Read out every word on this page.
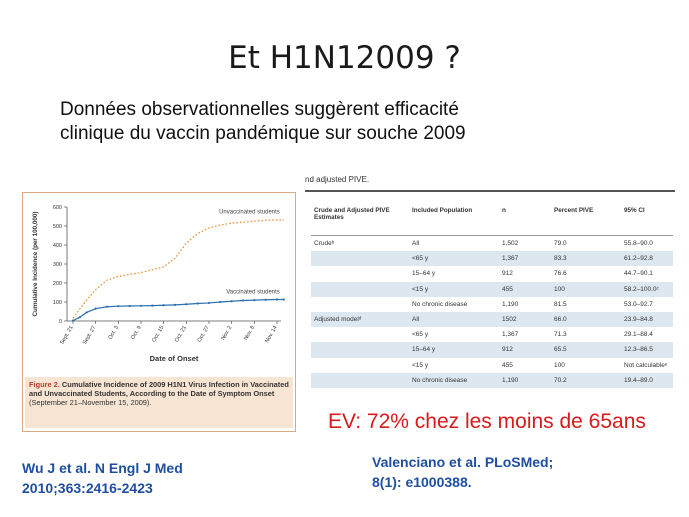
Et H1N12009 ?
Données observationnelles suggèrent efficacité
clinique du vaccin pandémique sur souche 2009
0
100
200
300
400
500
600
Sept. 21 Sept. 27 Oct. 3 Oct. 9 Oct. 15 Oct. 21 Oct. 27 Nov. 2 Nov. 8 Nov. 14
Date of Onset
Cumulative Incidence (per 100,000)	Unvaccinated students
Vaccinated students
Figure 2. Cumulative Incidence of 2009 H1N1 Virus Infection in Vaccinated and Unvaccinated Students, According to the Date of Symptom Onset (September 21–November 15, 2009).
nd adjusted PIVE.
Crude and Adjusted PIVE Estimates	Included Population	n	Percent PIVE	95% CI
Crudeᵇ	All	1,502	79.0	55.8–90.0
	<65 y	1,367	83.3	61.2–92.8
	15–64 y	912	76.6	44.7–90.1
	<15 y	455	100	58.2–100.0ᶜ
	No chronic disease	1,190	81.5	53.0–92.7
Adjusted modelᵈ	All	1502	66.0	23.9–84.8
	<65 y	1,367	71.3	29.1–88.4
	15–64 y	912	65.5	12.3–86.5
	<15 y	455	100	Not calculableᵉ
	No chronic disease	1,190	70.2	19.4–89.0
EV: 72% chez les moins de 65ans
Wu J et al. N Engl J Med
2010;363:2416-2423
Valenciano et al. PLoSMed;
8(1): e1000388.
